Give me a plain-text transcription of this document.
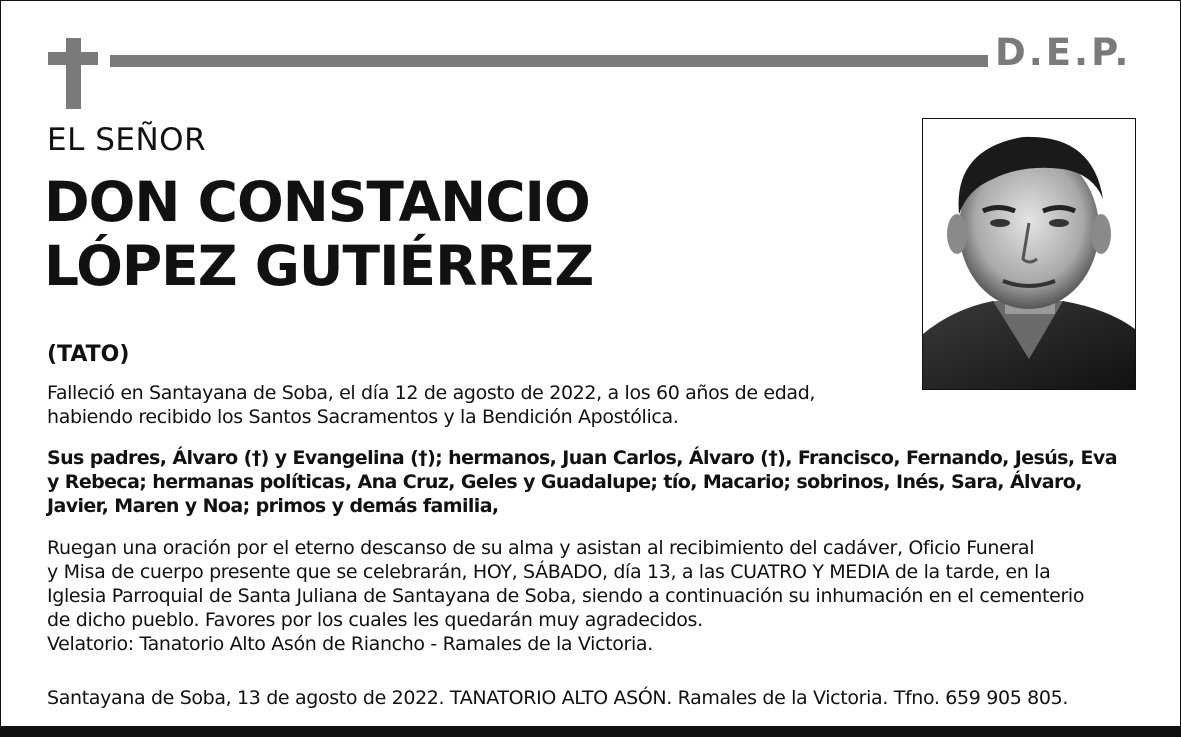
D.E.P.
EL SEÑOR
DON CONSTANCIO
LÓPEZ GUTIÉRREZ
(TATO)
Falleció en Santayana de Soba, el día 12 de agosto de 2022, a los 60 años de edad,
habiendo recibido los Santos Sacramentos y la Bendición Apostólica.
Sus padres, Álvaro (†) y Evangelina (†); hermanos, Juan Carlos, Álvaro (†), Francisco, Fernando, Jesús, Eva
y Rebeca; hermanas políticas, Ana Cruz, Geles y Guadalupe; tío, Macario; sobrinos, Inés, Sara, Álvaro,
Javier, Maren y Noa; primos y demás familia,
Ruegan una oración por el eterno descanso de su alma y asistan al recibimiento del cadáver, Oficio Funeral
y Misa de cuerpo presente que se celebrarán, HOY, SÁBADO, día 13, a las CUATRO Y MEDIA de la tarde, en la
Iglesia Parroquial de Santa Juliana de Santayana de Soba, siendo a continuación su inhumación en el cementerio
de dicho pueblo. Favores por los cuales les quedarán muy agradecidos.
Velatorio: Tanatorio Alto Asón de Riancho - Ramales de la Victoria.
Santayana de Soba, 13 de agosto de 2022. TANATORIO ALTO ASÓN. Ramales de la Victoria. Tfno. 659 905 805.
